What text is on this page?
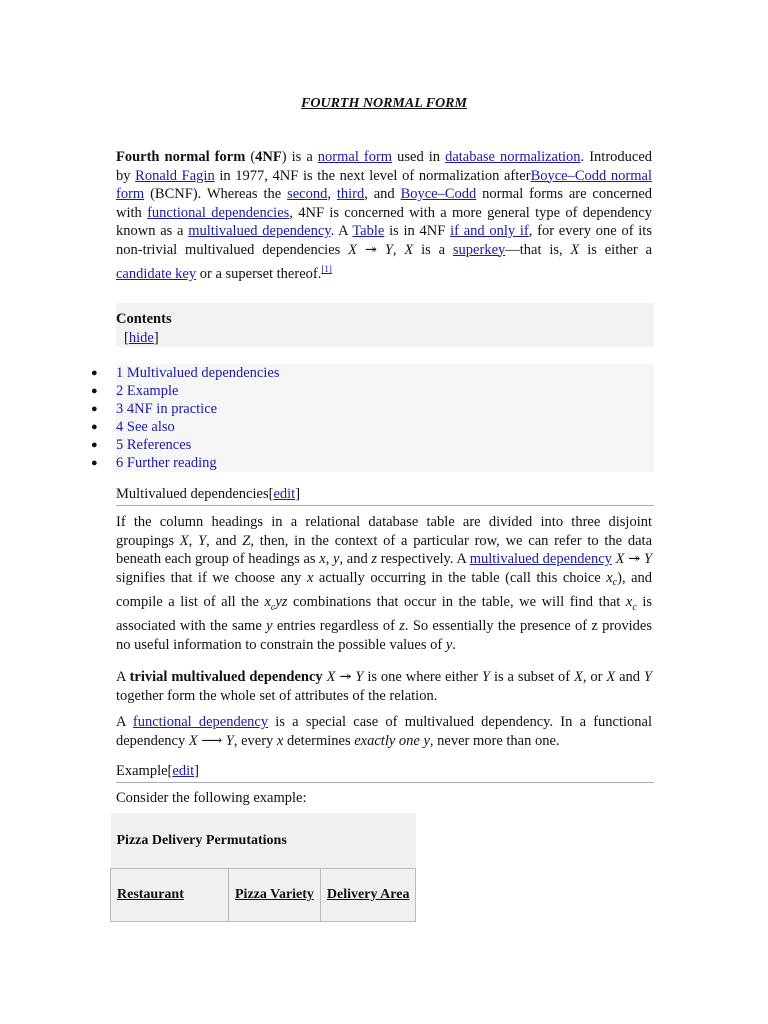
FOURTH NORMAL FORM

Fourth normal form (4NF) is a normal form used in database normalization. Introduced by Ronald Fagin in 1977, 4NF is the next level of normalization afterBoyce–Codd normal form (BCNF). Whereas the second, third, and Boyce–Codd normal forms are concerned with functional dependencies, 4NF is concerned with a more general type of dependency known as a multivalued dependency. A Table is in 4NF if and only if, for every one of its non-trivial multivalued dependencies X ↠ Y, X is a superkey—that is, X is either a candidate key or a superset thereof.[1]

Contents
[hide]
● 1 Multivalued dependencies
● 2 Example
● 3 4NF in practice
● 4 See also
● 5 References
● 6 Further reading
Multivalued dependencies[edit]

If the column headings in a relational database table are divided into three disjoint groupings X, Y, and Z, then, in the context of a particular row, we can refer to the data beneath each group of headings as x, y, and z respectively. A multivalued dependency X ↠ Y signifies that if we choose any x actually occurring in the table (call this choice $x_c$), and compile a list of all the $x_cyz$ combinations that occur in the table, we will find that $x_c$ is associated with the same y entries regardless of z. So essentially the presence of z provides no useful information to constrain the possible values of y.

A trivial multivalued dependency X ↠ Y is one where either Y is a subset of X, or X and Y together form the whole set of attributes of the relation.

A functional dependency is a special case of multivalued dependency. In a functional dependency X ⟶ Y, every x determines exactly one y, never more than one.

Example[edit]
Consider the following example:
Pizza Delivery Permutations
Restaurant	Pizza Variety	Delivery Area
